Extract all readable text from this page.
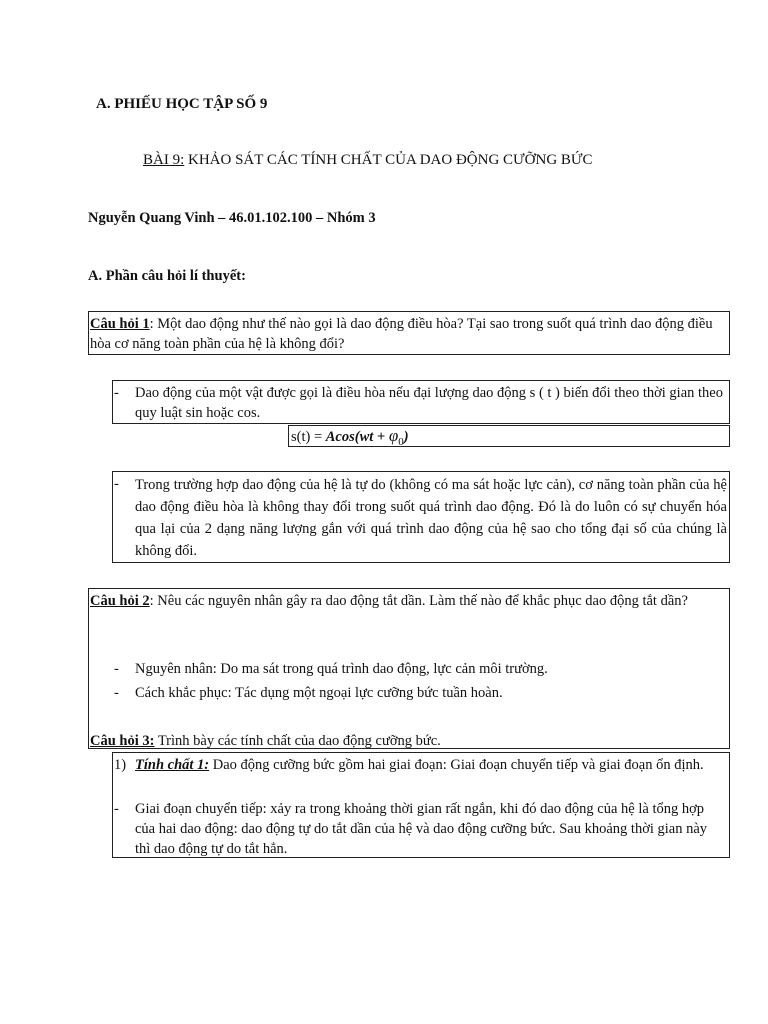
A. PHIẾU HỌC TẬP SỐ 9
BÀI 9: KHẢO SÁT CÁC TÍNH CHẤT CỦA DAO ĐỘNG CƯỠNG BỨC
Nguyễn Quang Vinh – 46.01.102.100 – Nhóm 3
A. Phần câu hỏi lí thuyết:
Câu hỏi 1: Một dao động như thế nào gọi là dao động điều hòa? Tại sao trong suốt quá trình dao động điều hòa cơ năng toàn phần của hệ là không đổi?
- Dao động của một vật được gọi là điều hòa nếu đại lượng dao động s ( t ) biến đổi theo thời gian theo quy luật sin hoặc cos.
$s(t) = Acos(wt + \varphi_0)$
- Trong trường hợp dao động của hệ là tự do (không có ma sát hoặc lực cản), cơ năng toàn phần của hệ dao động điều hòa là không thay đổi trong suốt quá trình dao động. Đó là do luôn có sự chuyển hóa qua lại của 2 dạng năng lượng gắn với quá trình dao động của hệ sao cho tổng đại số của chúng là không đổi.
Câu hỏi 2: Nêu các nguyên nhân gây ra dao động tắt dần. Làm thế nào để khắc phục dao động tắt dần?
- Nguyên nhân: Do ma sát trong quá trình dao động, lực cản môi trường.
- Cách khắc phục: Tác dụng một ngoại lực cưỡng bức tuần hoàn.
Câu hỏi 3: Trình bày các tính chất của dao động cưỡng bức.
1) Tính chất 1: Dao động cưỡng bức gồm hai giai đoạn: Giai đoạn chuyển tiếp và giai đoạn ổn định.
- Giai đoạn chuyển tiếp: xảy ra trong khoảng thời gian rất ngắn, khi đó dao động của hệ là tổng hợp của hai dao động: dao động tự do tắt dần của hệ và dao động cưỡng bức. Sau khoảng thời gian này thì dao động tự do tắt hẳn.
